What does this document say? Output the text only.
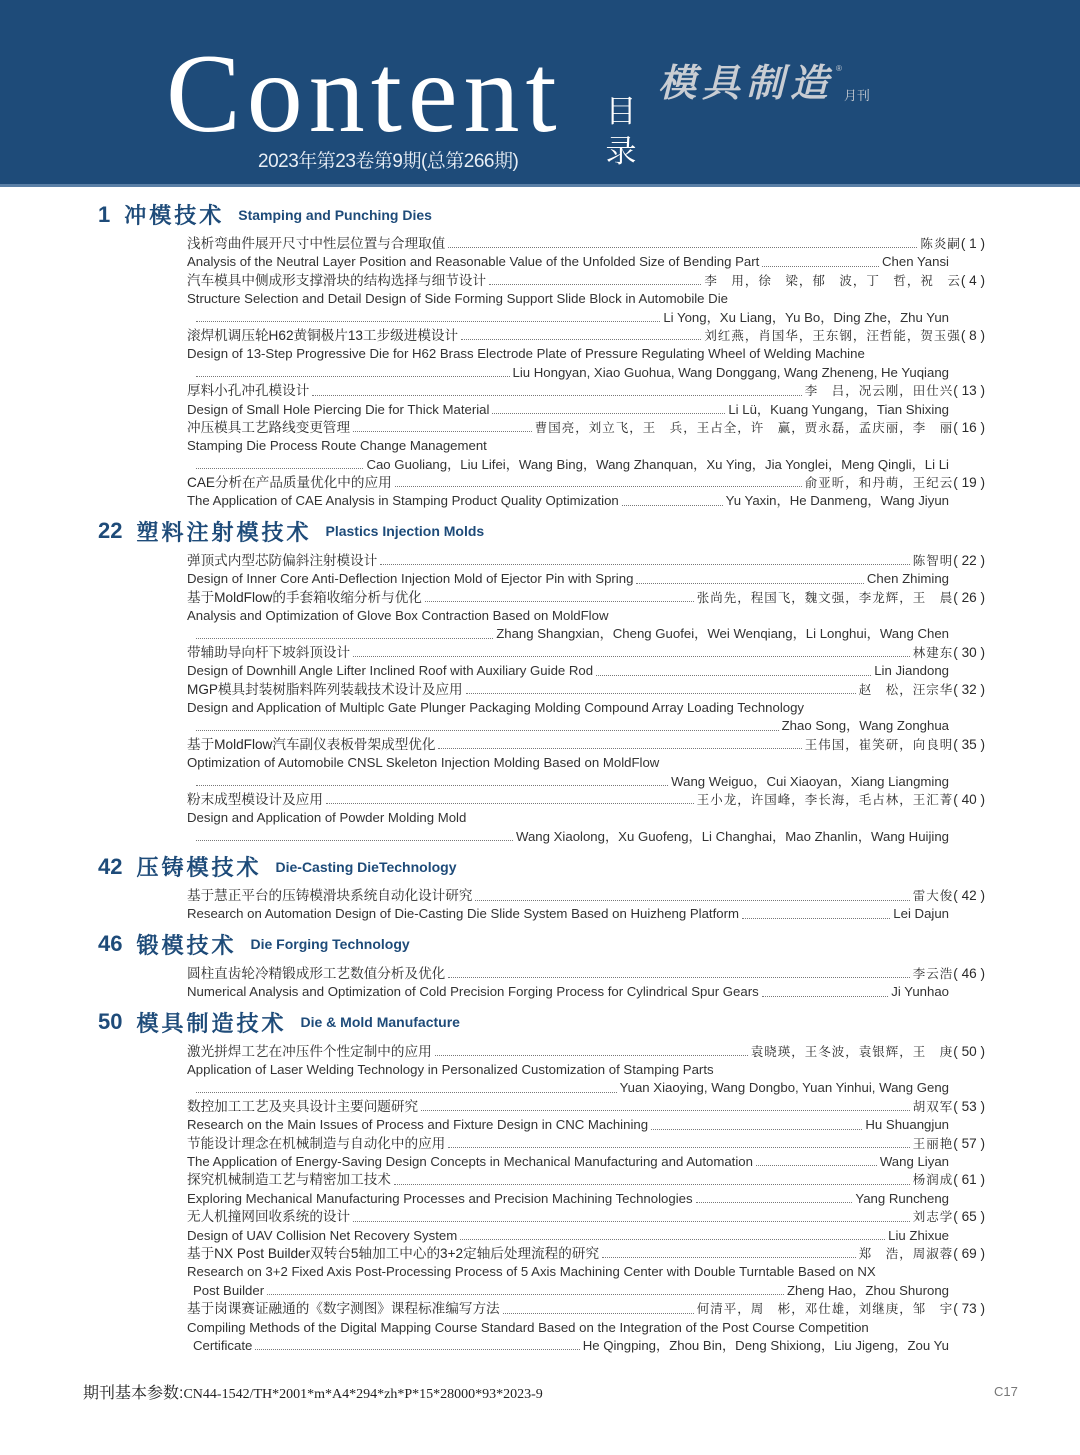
Content
2023年第23卷第9期(总第266期)
目
录
模具制造 ®
月刊
1 冲模技术 Stamping and Punching Dies
浅析弯曲件展开尺寸中性层位置与合理取值	陈炎嗣 ( 1 )
Analysis of the Neutral Layer Position and Reasonable Value of the Unfolded Size of Bending Part	Chen Yansi
汽车模具中侧成形支撑滑块的结构选择与细节设计	李　用，徐　梁，郁　波，丁　哲，祝　云 ( 4 )
Structure Selection and Detail Design of Side Forming Support Slide Block in Automobile Die
Li Yong，Xu Liang，Yu Bo，Ding Zhe，Zhu Yun
滚焊机调压轮H62黄铜极片13工步级进模设计	刘红燕，肖国华，王东钢，汪哲能，贺玉强 ( 8 )
Design of 13-Step Progressive Die for H62 Brass Electrode Plate of Pressure Regulating Wheel of Welding Machine
Liu Hongyan, Xiao Guohua, Wang Donggang, Wang Zheneng, He Yuqiang
厚料小孔冲孔模设计	李　吕，况云刚，田仕兴 ( 13 )
Design of Small Hole Piercing Die for Thick Material	Li Lü，Kuang Yungang，Tian Shixing
冲压模具工艺路线变更管理	曹国亮，刘立飞，王　兵，王占全，许　赢，贾永磊，孟庆丽，李　丽 ( 16 )
Stamping Die Process Route Change Management
Cao Guoliang，Liu Lifei，Wang Bing，Wang Zhanquan，Xu Ying，Jia Yonglei，Meng Qingli，Li Li
CAE分析在产品质量优化中的应用	俞亚昕，和丹萌，王纪云 ( 19 )
The Application of CAE Analysis in Stamping Product Quality Optimization	Yu Yaxin，He Danmeng，Wang Jiyun
22 塑料注射模技术 Plastics Injection Molds
弹顶式内型芯防偏斜注射模设计	陈智明 ( 22 )
Design of Inner Core Anti-Deflection Injection Mold of Ejector Pin with Spring	Chen Zhiming
基于MoldFlow的手套箱收缩分析与优化	张尚先，程国飞，魏文强，李龙辉，王　晨 ( 26 )
Analysis and Optimization of Glove Box Contraction Based on MoldFlow
Zhang Shangxian，Cheng Guofei，Wei Wenqiang，Li Longhui，Wang Chen
带辅助导向杆下坡斜顶设计	林建东 ( 30 )
Design of Downhill Angle Lifter Inclined Roof with Auxiliary Guide Rod	Lin Jiandong
MGP模具封装树脂料阵列装载技术设计及应用	赵　松，汪宗华 ( 32 )
Design and Application of Multiplc Gate Plunger Packaging Molding Compound Array Loading Technology
Zhao Song，Wang Zonghua
基于MoldFlow汽车副仪表板骨架成型优化	王伟国，崔笑研，向良明 ( 35 )
Optimization of Automobile CNSL Skeleton Injection Molding Based on MoldFlow
Wang Weiguo，Cui Xiaoyan，Xiang Liangming
粉末成型模设计及应用	王小龙，许国峰，李长海，毛占林，王汇菁 ( 40 )
Design and Application of Powder Molding Mold
Wang Xiaolong，Xu Guofeng，Li Changhai，Mao Zhanlin，Wang Huijing
42 压铸模技术 Die-Casting DieTechnology
基于慧正平台的压铸模滑块系统自动化设计研究	雷大俊 ( 42 )
Research on Automation Design of Die-Casting Die Slide System Based on Huizheng Platform	Lei Dajun
46 锻模技术 Die Forging Technology
圆柱直齿轮冷精锻成形工艺数值分析及优化	李云浩 ( 46 )
Numerical Analysis and Optimization of Cold Precision Forging Process for Cylindrical Spur Gears	Ji Yunhao
50 模具制造技术 Die & Mold Manufacture
激光拼焊工艺在冲压件个性定制中的应用	袁晓瑛，王冬波，袁银辉，王　庚 ( 50 )
Application of Laser Welding Technology in Personalized Customization of Stamping Parts
Yuan Xiaoying, Wang Dongbo, Yuan Yinhui, Wang Geng
数控加工工艺及夹具设计主要问题研究	胡双军 ( 53 )
Research on the Main Issues of Process and Fixture Design in CNC Machining	Hu Shuangjun
节能设计理念在机械制造与自动化中的应用	王丽艳 ( 57 )
The Application of Energy-Saving Design Concepts in Mechanical Manufacturing and Automation	Wang Liyan
探究机械制造工艺与精密加工技术	杨润成 ( 61 )
Exploring Mechanical Manufacturing Processes and Precision Machining Technologies	Yang Runcheng
无人机撞网回收系统的设计	刘志学 ( 65 )
Design of UAV Collision Net Recovery System	Liu Zhixue
基于NX Post Builder双转台5轴加工中心的3+2定轴后处理流程的研究	郑　浩，周淑蓉 ( 69 )
Research on 3+2 Fixed Axis Post-Processing Process of 5 Axis Machining Center with Double Turntable Based on NX
Post Builder	Zheng Hao，Zhou Shurong
基于岗课赛证融通的《数字测图》课程标准编写方法	何清平，周　彬，邓仕雄，刘继庚，邹　宇 ( 73 )
Compiling Methods of the Digital Mapping Course Standard Based on the Integration of the Post Course Competition
Certificate	He Qingping，Zhou Bin，Deng Shixiong，Liu Jigeng，Zou Yu
期刊基本参数:CN44-1542/TH*2001*m*A4*294*zh*P*15*28000*93*2023-9	C17
